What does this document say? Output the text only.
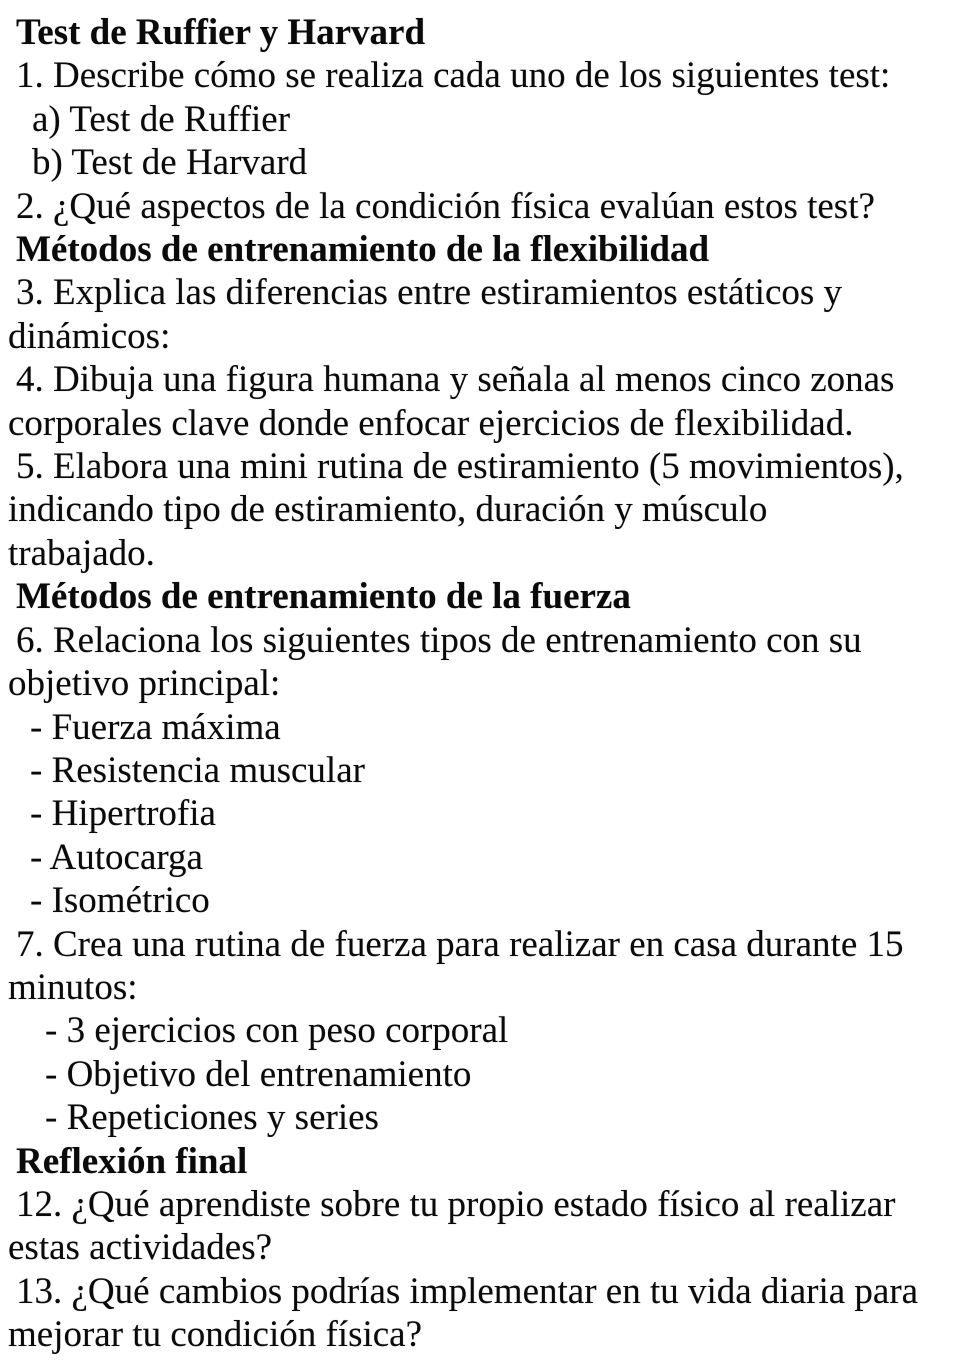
Test de Ruffier y Harvard

1. Describe cómo se realiza cada uno de los siguientes test:

a) Test de Ruffier

b) Test de Harvard

2. ¿Qué aspectos de la condición física evalúan estos test?

Métodos de entrenamiento de la flexibilidad

3. Explica las diferencias entre estiramientos estáticos y dinámicos:

4. Dibuja una figura humana y señala al menos cinco zonas corporales clave donde enfocar ejercicios de flexibilidad.

5. Elabora una mini rutina de estiramiento (5 movimientos), indicando tipo de estiramiento, duración y músculo trabajado.

Métodos de entrenamiento de la fuerza

6. Relaciona los siguientes tipos de entrenamiento con su objetivo principal:

- Fuerza máxima

- Resistencia muscular

- Hipertrofia

- Autocarga

- Isométrico

7. Crea una rutina de fuerza para realizar en casa durante 15 minutos:

- 3 ejercicios con peso corporal

- Objetivo del entrenamiento

- Repeticiones y series

Reflexión final

12. ¿Qué aprendiste sobre tu propio estado físico al realizar estas actividades?

13. ¿Qué cambios podrías implementar en tu vida diaria para mejorar tu condición física?
